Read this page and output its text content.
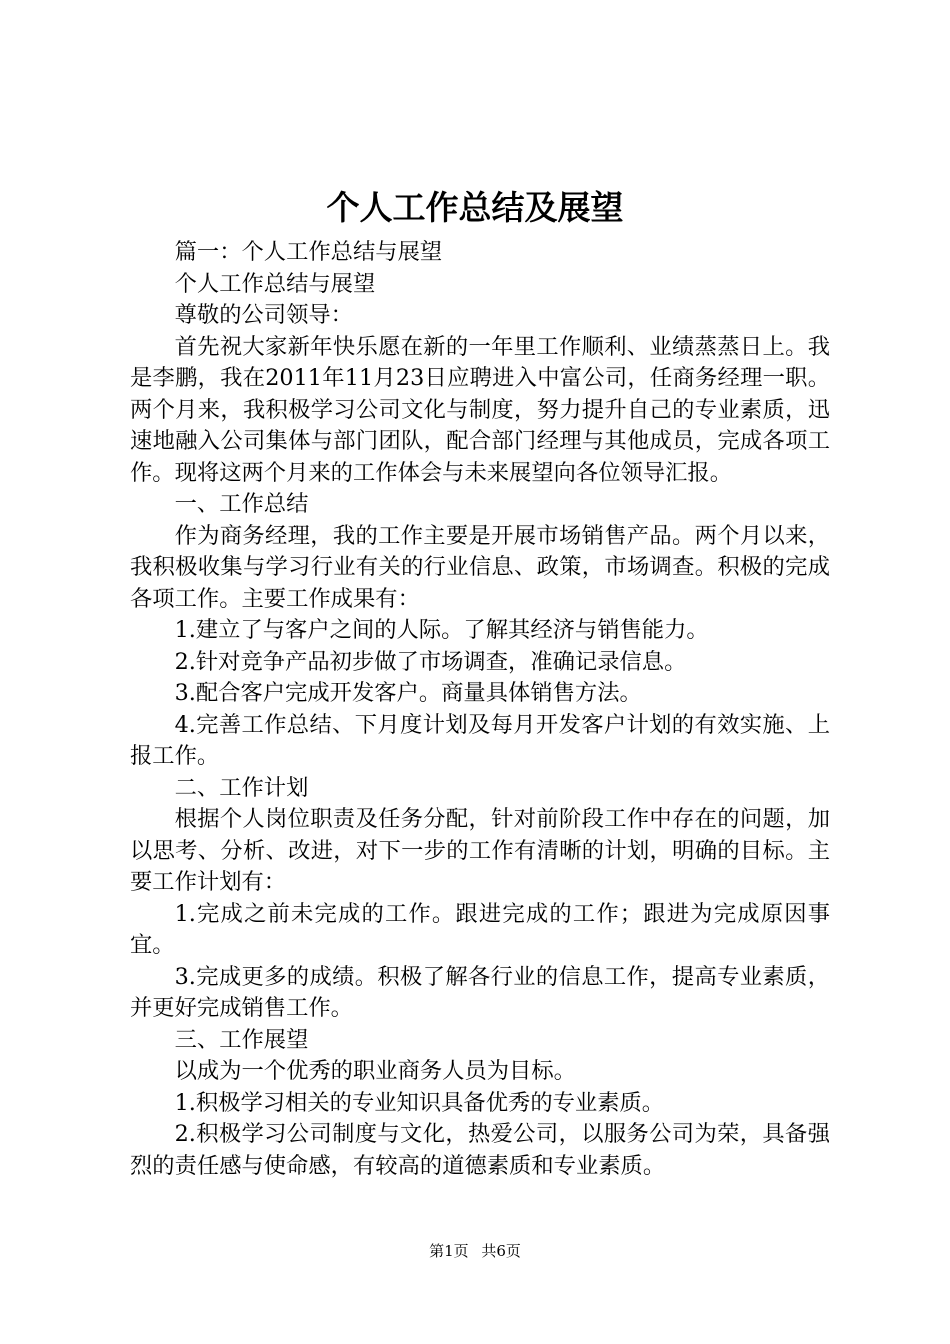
个人工作总结及展望

篇一：个人工作总结与展望

个人工作总结与展望

尊敬的公司领导：

首先祝大家新年快乐愿在新的一年里工作顺利、业绩蒸蒸日上。我是李鹏，我在2011年11月23日应聘进入中富公司，任商务经理一职。两个月来，我积极学习公司文化与制度，努力提升自己的专业素质，迅速地融入公司集体与部门团队，配合部门经理与其他成员，完成各项工作。现将这两个月来的工作体会与未来展望向各位领导汇报。

一、工作总结

作为商务经理，我的工作主要是开展市场销售产品。两个月以来，我积极收集与学习行业有关的行业信息、政策，市场调查。积极的完成各项工作。主要工作成果有：

1.建立了与客户之间的人际。了解其经济与销售能力。

2.针对竞争产品初步做了市场调查，准确记录信息。

3.配合客户完成开发客户。商量具体销售方法。

4.完善工作总结、下月度计划及每月开发客户计划的有效实施、上报工作。

二、工作计划

根据个人岗位职责及任务分配，针对前阶段工作中存在的问题，加以思考、分析、改进，对下一步的工作有清晰的计划，明确的目标。主要工作计划有：

1.完成之前未完成的工作。跟进完成的工作；跟进为完成原因事宜。

3.完成更多的成绩。积极了解各行业的信息工作，提高专业素质，并更好完成销售工作。

三、工作展望

以成为一个优秀的职业商务人员为目标。

1.积极学习相关的专业知识具备优秀的专业素质。

2.积极学习公司制度与文化，热爱公司，以服务公司为荣，具备强烈的责任感与使命感，有较高的道德素质和专业素质。

第1页 共6页
